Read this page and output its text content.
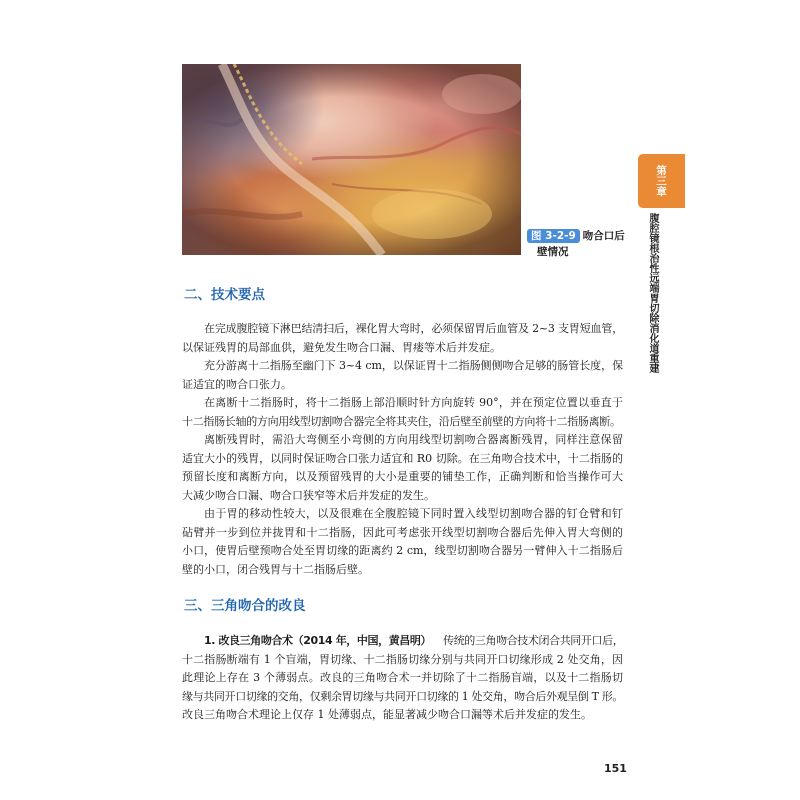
图 3-2-9 吻合口后
壁情况
第三章
腹腔镜根治性远端胃切除消化道重建
二、技术要点
在完成腹腔镜下淋巴结清扫后，裸化胃大弯时，必须保留胃后血管及 2~3 支胃短血管，
以保证残胃的局部血供，避免发生吻合口漏、胃瘘等术后并发症。
充分游离十二指肠至幽门下 3~4 cm，以保证胃十二指肠侧侧吻合足够的肠管长度，保
证适宜的吻合口张力。
在离断十二指肠时，将十二指肠上部沿顺时针方向旋转 90°，并在预定位置以垂直于
十二指肠长轴的方向用线型切割吻合器完全将其夹住，沿后壁至前壁的方向将十二指肠离断。
离断残胃时，需沿大弯侧至小弯侧的方向用线型切割吻合器离断残胃，同样注意保留
适宜大小的残胃，以同时保证吻合口张力适宜和 R0 切除。在三角吻合技术中，十二指肠的
预留长度和离断方向，以及预留残胃的大小是重要的铺垫工作，正确判断和恰当操作可大
大减少吻合口漏、吻合口狭窄等术后并发症的发生。
由于胃的移动性较大，以及很难在全腹腔镜下同时置入线型切割吻合器的钉仓臂和钉
砧臂并一步到位并拢胃和十二指肠，因此可考虑张开线型切割吻合器后先伸入胃大弯侧的
小口，使胃后壁预吻合处至胃切缘的距离约 2 cm，线型切割吻合器另一臂伸入十二指肠后
壁的小口，闭合残胃与十二指肠后壁。
三、三角吻合的改良
1. 改良三角吻合术（2014 年，中国，黄昌明） 传统的三角吻合技术闭合共同开口后，
十二指肠断端有 1 个盲端，胃切缘、十二指肠切缘分别与共同开口切缘形成 2 处交角，因
此理论上存在 3 个薄弱点。改良的三角吻合术一并切除了十二指肠盲端，以及十二指肠切
缘与共同开口切缘的交角，仅剩余胃切缘与共同开口切缘的 1 处交角，吻合后外观呈倒 T 形。
改良三角吻合术理论上仅存 1 处薄弱点，能显著减少吻合口漏等术后并发症的发生。
151
